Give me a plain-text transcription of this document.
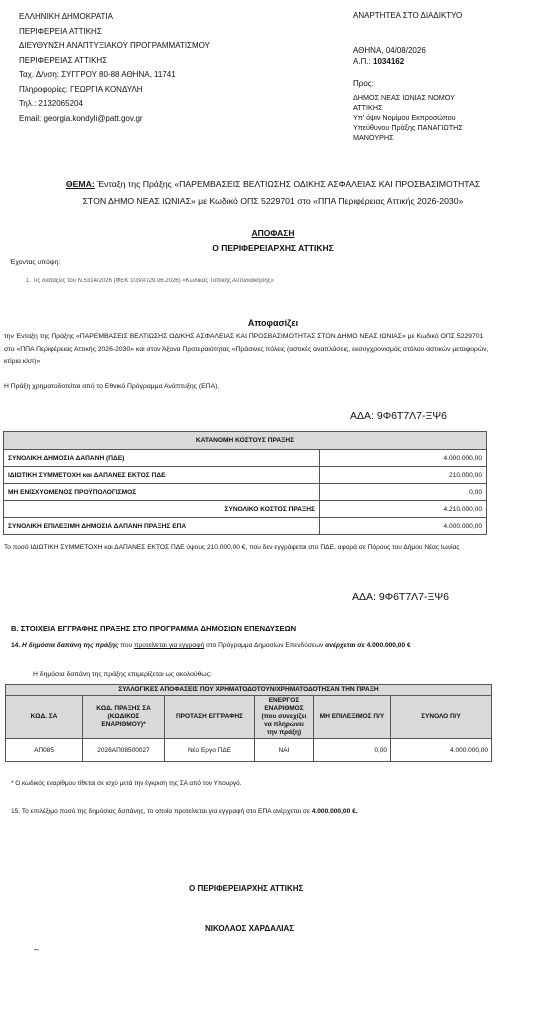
ΕΛΛΗΝΙΚΗ ΔΗΜΟΚΡΑΤΙΑ
ΠΕΡΙΦΕΡΕΙΑ ΑΤΤΙΚΗΣ
ΔΙΕΥΘΥΝΣΗ ΑΝΑΠΤΥΞΙΑΚΟΥ ΠΡΟΓΡΑΜΜΑΤΙΣΜΟΥ
ΠΕΡΙΦΕΡΕΙΑΣ ΑΤΤΙΚΗΣ
Ταχ. Δ/νση: ΣΥΓΓΡΟΥ 80-88 ΑΘΗΝΑ, 11741
Πληροφορίες: ΓΕΩΡΓΙΑ ΚΟΝΔΥΛΗ
Τηλ.: 2132065204
Email: georgia.kondyli@patt.gov.gr
ΑΝΑΡΤΗΤΕΑ ΣΤΟ ΔΙΑΔΙΚΤΥΟ
ΑΘΗΝΑ, 04/08/2026
Α.Π.: 1034162
Προς:
ΔΗΜΟΣ ΝΕΑΣ ΙΩΝΙΑΣ ΝΟΜΟΥ
ΑΤΤΙΚΗΣ
Υπ' όψιν Νομίμου Εκπροσώπου
Υπεύθυνου Πράξης ΠΑΝΑΓΙΩΤΗΣ
ΜΑΝΟΥΡΗΣ
ΘΕΜΑ: Ένταξη της Πράξης «ΠΑΡΕΜΒΑΣΕΙΣ ΒΕΛΤΙΩΣΗΣ ΟΔΙΚΗΣ ΑΣΦΑΛΕΙΑΣ ΚΑΙ ΠΡΟΣΒΑΣΙΜΟΤΗΤΑΣ
ΣΤΟΝ ΔΗΜΟ ΝΕΑΣ ΙΩΝΙΑΣ» με Κωδικό ΟΠΣ 5229701 στο «ΠΠΑ Περιφέρειας Αττικής 2026-2030»
ΑΠΟΦΑΣΗ
Ο ΠΕΡΙΦΕΡΕΙΑΡΧΗΣ ΑΤΤΙΚΗΣ
Έχοντας υπόψη:
1. Τις διατάξεις του Ν.5314/2026 (ΦΕΚ 103/Α'/29.06.2026) «Κώδικας Τοπικής Αυτοδιοίκησης»
Αποφασίζει
την Ένταξη της Πράξης «ΠΑΡΕΜΒΑΣΕΙΣ ΒΕΛΤΙΩΣΗΣ ΟΔΙΚΗΣ ΑΣΦΑΛΕΙΑΣ ΚΑΙ ΠΡΟΣΒΑΣΙΜΟΤΗΤΑΣ ΣΤΟΝ ΔΗΜΟ ΝΕΑΣ ΙΩΝΙΑΣ» με Κωδικό ΟΠΣ 5229701 στο «ΠΠΑ Περιφέρειας Αττικής 2026-2030» και στον Άξονα Προτεραιότητας «Πράσινες πόλεις (αστικές αναπλάσεις, εκσυγχρονισμός στόλου αστικών μεταφορών, κτίρια κλπ)»
Η Πράξη χρηματοδοτείται από το Εθνικό Πρόγραμμα Ανάπτυξης (ΕΠΑ).
ΑΔΑ: 9Φ6Τ7Λ7-ΞΨ6
ΚΑΤΑΝΟΜΗ ΚΟΣΤΟΥΣ ΠΡΑΞΗΣ	
ΣΥΝΟΛΙΚΗ ΔΗΜΟΣΙΑ ΔΑΠΑΝΗ (ΠΔΕ)	4.000.000,00
ΙΔΙΩΤΙΚΗ ΣΥΜΜΕΤΟΧΗ και ΔΑΠΑΝΕΣ ΕΚΤΟΣ ΠΔΕ	210.000,00
ΜΗ ΕΝΙΣΧΥΟΜΕΝΟΣ ΠΡΟΫΠΟΛΟΓΙΣΜΟΣ	0,00
ΣΥΝΟΛΙΚΟ ΚΟΣΤΟΣ ΠΡΑΞΗΣ	4.210.000,00
ΣΥΝΟΛΙΚΗ ΕΠΙΛΕΞΙΜΗ ΔΗΜΟΣΙΑ ΔΑΠΑΝΗ ΠΡΑΞΗΣ ΕΠΑ	4.000.000,00
Το ποσό ΙΔΙΩΤΙΚΗ ΣΥΜΜΕΤΟΧΗ και ΔΑΠΑΝΕΣ ΕΚΤΟΣ ΠΔΕ ύψους 210.000,00 €, που δεν εγγράφεται στο ΠΔΕ, αφορά σε Πόρους του Δήμου Νέας Ιωνίας
ΑΔΑ: 9Φ6Τ7Λ7-ΞΨ6
Β. ΣΤΟΙΧΕΙΑ ΕΓΓΡΑΦΗΣ ΠΡΑΞΗΣ ΣΤΟ ΠΡΟΓΡΑΜΜΑ ΔΗΜΟΣΙΩΝ ΕΠΕΝΔΥΣΕΩΝ
14. Η δημόσια δαπάνη της πράξης που προτείνεται για εγγραφή στο Πρόγραμμα Δημοσίων Επενδύσεων ανέρχεται σε 4.000.000,00 €
Η δημόσια δαπάνη της πράξης επιμερίζεται ως ακολούθως:
ΣΥΛΛΟΓΙΚΕΣ ΑΠΟΦΑΣΕΙΣ ΠΟΥ ΧΡΗΜΑΤΟΔΟΤΟΥΝ/ΧΡΗΜΑΤΟΔΟΤΗΣΑΝ ΤΗΝ ΠΡΑΞΗ					
ΚΩΔ. ΣΑ	ΚΩΔ. ΠΡΑΞΗΣ ΣΑ (ΚΩΔΙΚΟΣ ΕΝΑΡΙΘΜΟΥ)*	ΠΡΟΤΑΣΗ ΕΓΓΡΑΦΗΣ	ΕΝΕΡΓΟΣ ΕΝΑΡΙΘΜΟΣ (που συνεχίζει να πληρώνει την πράξη)	ΜΗ ΕΠΙΛΕΞΙΜΟΣ Π/Υ	ΣΥΝΟΛΟ Π/Υ
ΑΠ085	2026ΑΠ08500027	Νέο Εργο ΠΔΕ	ΝΑΙ	0,00	4.000.000,00
* Ο κωδικός εναρίθμου τίθεται σε ισχύ μετά την έγκριση της ΣΑ από τον Υπουργό.
15. Το επιλέξιμο ποσό της δημόσιας δαπάνης, το οποίο προτείνεται για εγγραφή στο ΕΠΑ ανέρχεται σε 4.000.000,00 €.
Ο ΠΕΡΙΦΕΡΕΙΑΡΧΗΣ ΑΤΤΙΚΗΣ
ΝΙΚΟΛΑΟΣ ΧΑΡΔΑΛΙΑΣ
–
